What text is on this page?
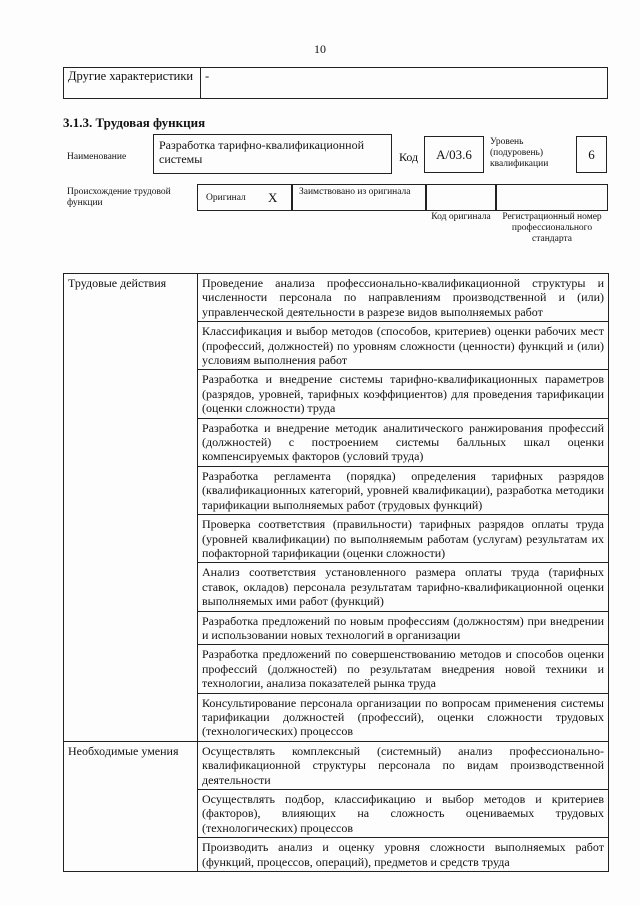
10
Другие характеристики	-
3.1.3. Трудовая функция
Наименование
Разработка тарифно-квалификационной системы	Код	A/03.6
Уровень (подуровень) квалификации
6
Происхождение трудовой функции	Оригинал X Заимствовано из оригинала
Код оригинала	Регистрационный номер профессионального стандарта
Трудовые действия	Проведение анализа профессионально-квалификационной структуры и численности персонала по направлениям производственной и (или) управленческой деятельности в разрезе видов выполняемых работ
	Классификация и выбор методов (способов, критериев) оценки рабочих мест (профессий, должностей) по уровням сложности (ценности) функций и (или) условиям выполнения работ
	Разработка и внедрение системы тарифно-квалификационных параметров (разрядов, уровней, тарифных коэффициентов) для проведения тарификации (оценки сложности) труда
	Разработка и внедрение методик аналитического ранжирования профессий (должностей) с построением системы балльных шкал оценки компенсируемых факторов (условий труда)
	Разработка регламента (порядка) определения тарифных разрядов (квалификационных категорий, уровней квалификации), разработка методики тарификации выполняемых работ (трудовых функций)
	Проверка соответствия (правильности) тарифных разрядов оплаты труда (уровней квалификации) по выполняемым работам (услугам) результатам их пофакторной тарификации (оценки сложности)
	Анализ соответствия установленного размера оплаты труда (тарифных ставок, окладов) персонала результатам тарифно-квалификационной оценки выполняемых ими работ (функций)
	Разработка предложений по новым профессиям (должностям) при внедрении и использовании новых технологий в организации
	Разработка предложений по совершенствованию методов и способов оценки профессий (должностей) по результатам внедрения новой техники и технологии, анализа показателей рынка труда
	Консультирование персонала организации по вопросам применения системы тарификации должностей (профессий), оценки сложности трудовых (технологических) процессов
Необходимые умения	Осуществлять комплексный (системный) анализ профессионально-квалификационной структуры персонала по видам производственной деятельности
	Осуществлять подбор, классификацию и выбор методов и критериев (факторов), влияющих на сложность оцениваемых трудовых (технологических) процессов
	Производить анализ и оценку уровня сложности выполняемых работ (функций, процессов, операций), предметов и средств труда
